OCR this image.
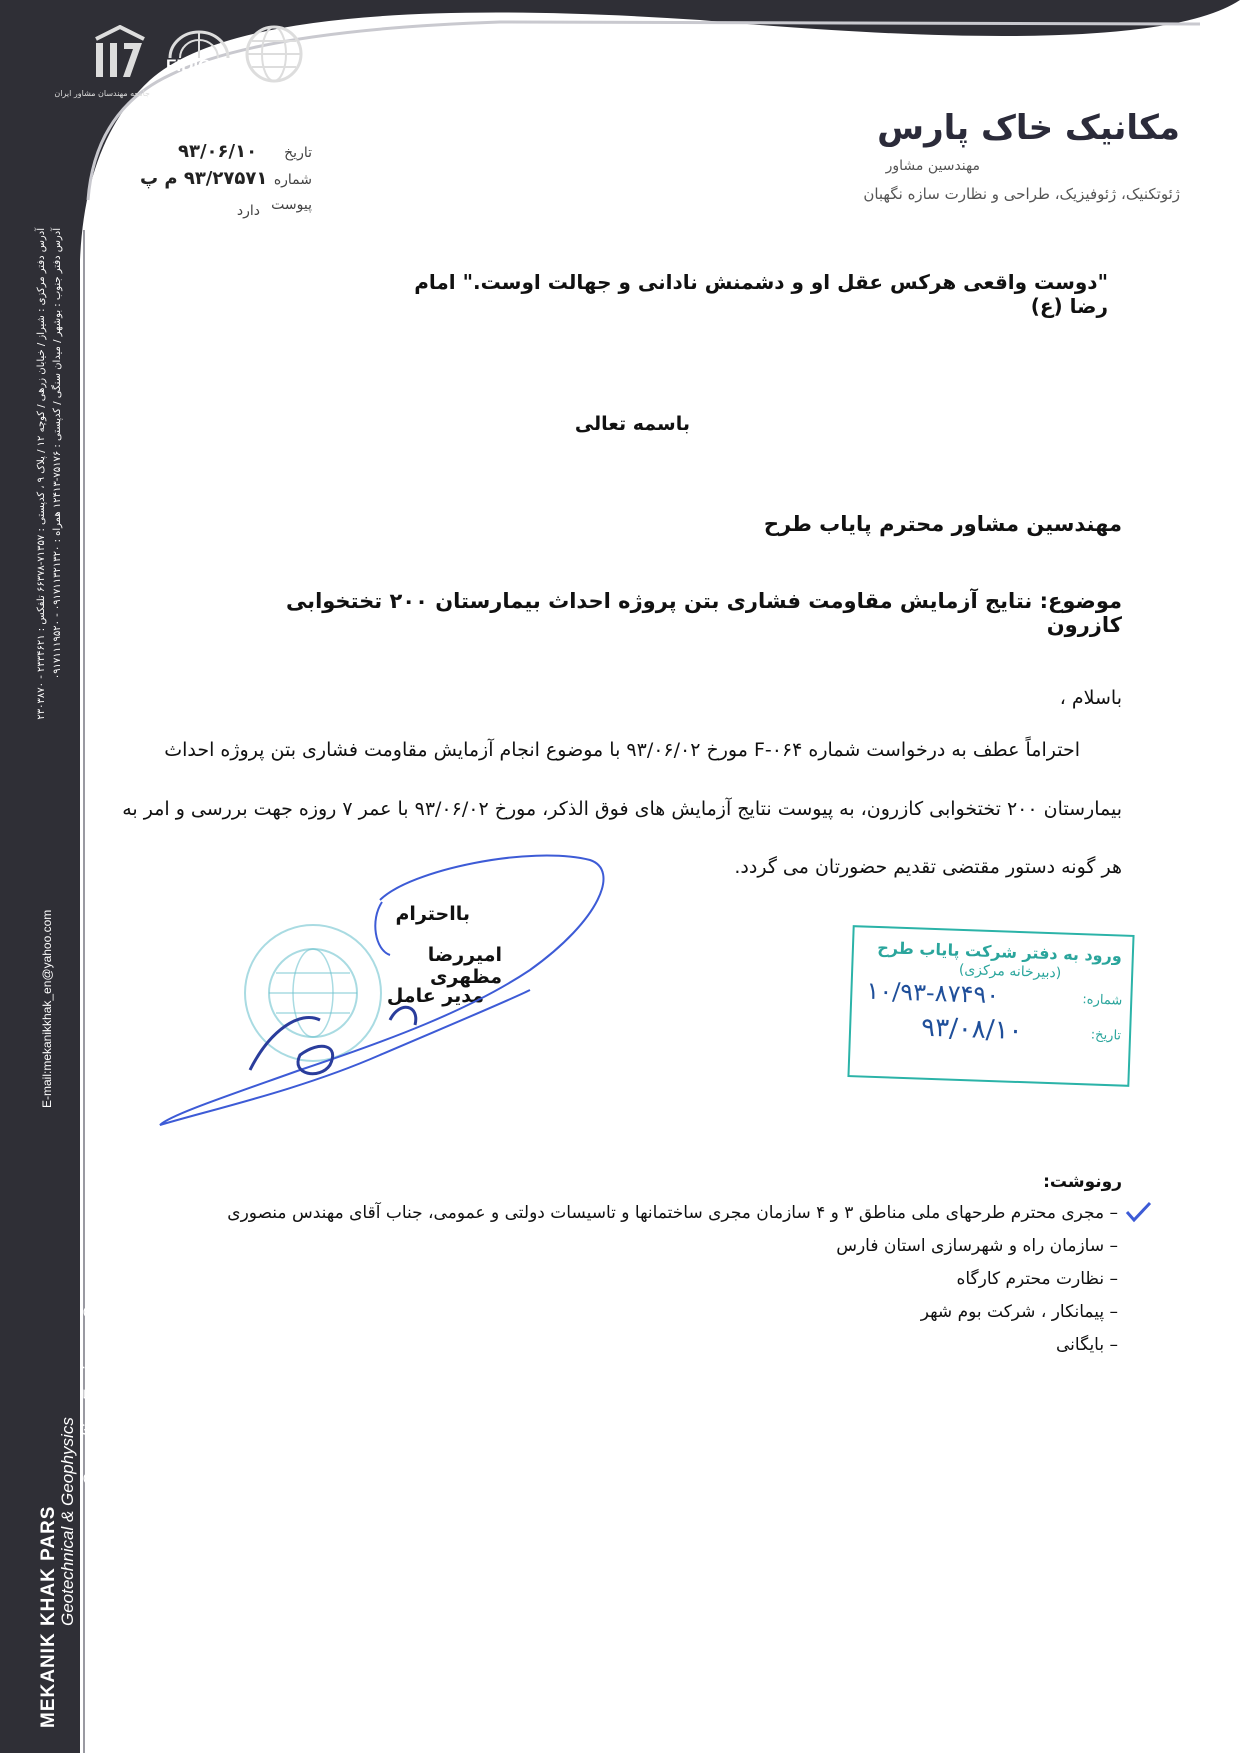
جامعه مهندسان مشاور ایران
FIDIC
MEKANIK KHAK PARS Geotechnical & Geophysics
Consulting Engineers Co.
E-mail:mekanikkhak_en@yahoo.com
آدرس دفتر مرکزی : شیراز / خیابان زرهی / کوچه ۱۲ / پلاک ۹ ، کدپستی : ۷۱۳۵۷-۶۶۳۷۸ تلفکس : ۲۳۳۴۶۲۱ - ۲۳۰۳۸۷۰
آدرس دفتر جنوب : بوشهر / میدان سنگی / کدپستی : ۷۵۱۷۶-۱۲۴۱۳ همراه : ۰۹۱۷۱۱۳۲۱۳۲۰ - ۰۹۱۷۱۱۱۹۵۲۰
مکانیک خاک پارس
مهندسین مشاور
ژئوتکنیک، ژئوفیزیک، طراحی و نظارت سازه نگهبان
تاریخ
۹۳/۰۶/۱۰
شماره
۹۳/۲۷۵۷۱ م پ
پیوست
دارد
"دوست واقعی هرکس عقل او و دشمنش نادانی و جهالت اوست." امام رضا (ع)
باسمه تعالی
مهندسین مشاور محترم پایاب طرح
موضوع: نتایج آزمایش مقاومت فشاری بتن پروژه احداث بیمارستان ۲۰۰ تختخوابی کازرون
باسلام ،
احتراماً عطف به درخواست شماره F-۰۶۴ مورخ ۹۳/۰۶/۰۲ با موضوع انجام آزمایش مقاومت فشاری بتن پروژه احداث
بیمارستان ۲۰۰ تختخوابی کازرون، به پیوست نتایج آزمایش های فوق الذکر، مورخ ۹۳/۰۶/۰۲ با عمر ۷ روزه جهت بررسی و امر به
هر گونه دستور مقتضی تقدیم حضورتان می گردد.
بااحترام
امیررضا مظهری
مدیر عامل
ورود به دفتر شرکت پایاب طرح
(دبیرخانه مرکزی)
شماره:
۱۰/۹۳-۸۷۴۹۰
تاریخ:
۹۳/۰۸/۱۰
رونوشت:
– مجری محترم طرحهای ملی مناطق ۳ و ۴ سازمان مجری ساختمانها و تاسیسات دولتی و عمومی، جناب آقای مهندس منصوری
– سازمان راه و شهرسازی استان فارس
– نظارت محترم کارگاه
– پیمانکار ، شرکت بوم شهر
– بایگانی
